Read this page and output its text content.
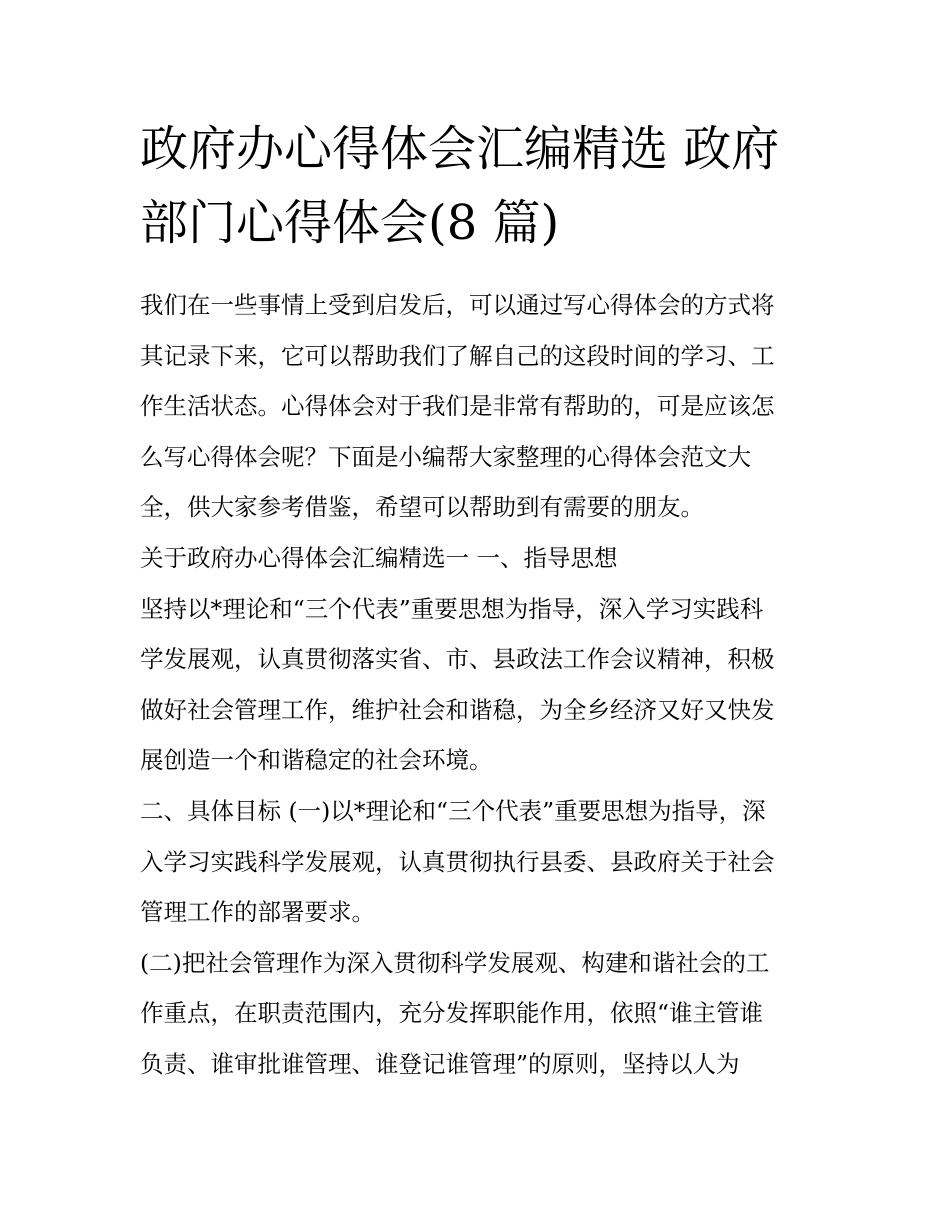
政府办心得体会汇编精选 政府
部门心得体会(8 篇)
我们在一些事情上受到启发后，可以通过写心得体会的方式将
其记录下来，它可以帮助我们了解自己的这段时间的学习、工
作生活状态。心得体会对于我们是非常有帮助的，可是应该怎
么写心得体会呢？下面是小编帮大家整理的心得体会范文大
全，供大家参考借鉴，希望可以帮助到有需要的朋友。
关于政府办心得体会汇编精选一 一、指导思想
坚持以*理论和“三个代表”重要思想为指导，深入学习实践科
学发展观，认真贯彻落实省、市、县政法工作会议精神，积极
做好社会管理工作，维护社会和谐稳，为全乡经济又好又快发
展创造一个和谐稳定的社会环境。
二、具体目标 (一)以*理论和“三个代表”重要思想为指导，深
入学习实践科学发展观，认真贯彻执行县委、县政府关于社会
管理工作的部署要求。
(二)把社会管理作为深入贯彻科学发展观、构建和谐社会的工
作重点，在职责范围内，充分发挥职能作用，依照“谁主管谁
负责、谁审批谁管理、谁登记谁管理”的原则，坚持以人为
